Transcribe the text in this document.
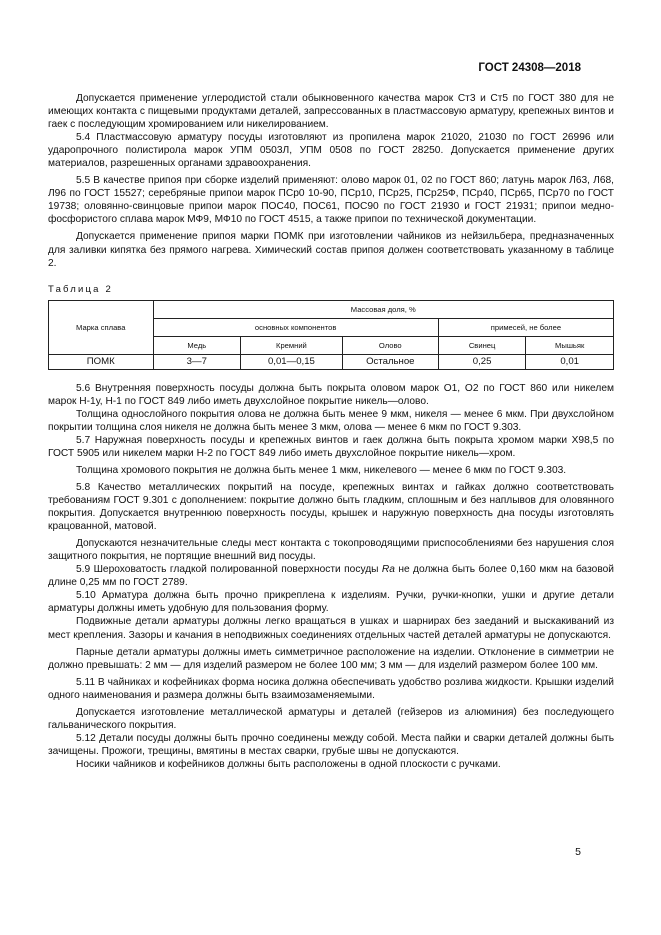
ГОСТ 24308—2018

Допускается применение углеродистой стали обыкновенного качества марок Ст3 и Ст5 по ГОСТ 380 для не имеющих контакта с пищевыми продуктами деталей, запрессованных в пластмассовую арматуру, крепежных винтов и гаек с последующим хромированием или никелированием.

5.4 Пластмассовую арматуру посуды изготовляют из пропилена марок 21020, 21030 по ГОСТ 26996 или ударопрочного полистирола марок УПМ 0503Л, УПМ 0508 по ГОСТ 28250. Допускается применение других материалов, разрешенных органами здравоохранения.

5.5 В качестве припоя при сборке изделий применяют: олово марок 01, 02 по ГОСТ 860; латунь марок Л63, Л68, Л96 по ГОСТ 15527; серебряные припои марок ПСр0 10-90, ПСр10, ПСр25, ПСр25Ф, ПСр40, ПСр65, ПСр70 по ГОСТ 19738; оловянно-свинцовые припои марок ПОС40, ПОС61, ПОС90 по ГОСТ 21930 и ГОСТ 21931; припои медно-фосфористого сплава марок МФ9, МФ10 по ГОСТ 4515, а также припои по технической документации.

Допускается применение припоя марки ПОМК при изготовлении чайников из нейзильбера, предназначенных для заливки кипятка без прямого нагрева. Химический состав припоя должен соответствовать указанному в таблице 2.

Таблица 2
Марка сплава	Массовая доля, %				
	основных компонентов			примесей, не более	
	Медь	Кремний	Олово	Свинец	Мышьяк
ПОМК	3—7	0,01—0,15	Остальное	0,25	0,01

5.6 Внутренняя поверхность посуды должна быть покрыта оловом марок О1, О2 по ГОСТ 860 или никелем марок Н-1у, Н-1 по ГОСТ 849 либо иметь двухслойное покрытие никель—олово.

Толщина однослойного покрытия олова не должна быть менее 9 мкм, никеля — менее 6 мкм. При двухслойном покрытии толщина слоя никеля не должна быть менее 3 мкм, олова — менее 6 мкм по ГОСТ 9.303.

5.7 Наружная поверхность посуды и крепежных винтов и гаек должна быть покрыта хромом марки Х98,5 по ГОСТ 5905 или никелем марки Н-2 по ГОСТ 849 либо иметь двухслойное покрытие никель—хром.

Толщина хромового покрытия не должна быть менее 1 мкм, никелевого — менее 6 мкм по ГОСТ 9.303.

5.8 Качество металлических покрытий на посуде, крепежных винтах и гайках должно соответствовать требованиям ГОСТ 9.301 с дополнением: покрытие должно быть гладким, сплошным и без наплывов для оловянного покрытия. Допускается внутреннюю поверхность посуды, крышек и наружную поверхность дна посуды изготовлять крацованной, матовой.

Допускаются незначительные следы мест контакта с токопроводящими приспособлениями без нарушения слоя защитного покрытия, не портящие внешний вид посуды.

5.9 Шероховатость гладкой полированной поверхности посуды Ra не должна быть более 0,160 мкм на базовой длине 0,25 мм по ГОСТ 2789.

5.10 Арматура должна быть прочно прикреплена к изделиям. Ручки, ручки-кнопки, ушки и другие детали арматуры должны иметь удобную для пользования форму.

Подвижные детали арматуры должны легко вращаться в ушках и шарнирах без заеданий и выскакиваний из мест крепления. Зазоры и качания в неподвижных соединениях отдельных частей деталей арматуры не допускаются.

Парные детали арматуры должны иметь симметричное расположение на изделии. Отклонение в симметрии не должно превышать: 2 мм — для изделий размером не более 100 мм; 3 мм — для изделий размером более 100 мм.

5.11 В чайниках и кофейниках форма носика должна обеспечивать удобство розлива жидкости. Крышки изделий одного наименования и размера должны быть взаимозаменяемыми.

Допускается изготовление металлической арматуры и деталей (гейзеров из алюминия) без последующего гальванического покрытия.

5.12 Детали посуды должны быть прочно соединены между собой. Места пайки и сварки деталей должны быть зачищены. Прожоги, трещины, вмятины в местах сварки, грубые швы не допускаются.

Носики чайников и кофейников должны быть расположены в одной плоскости с ручками.

5
